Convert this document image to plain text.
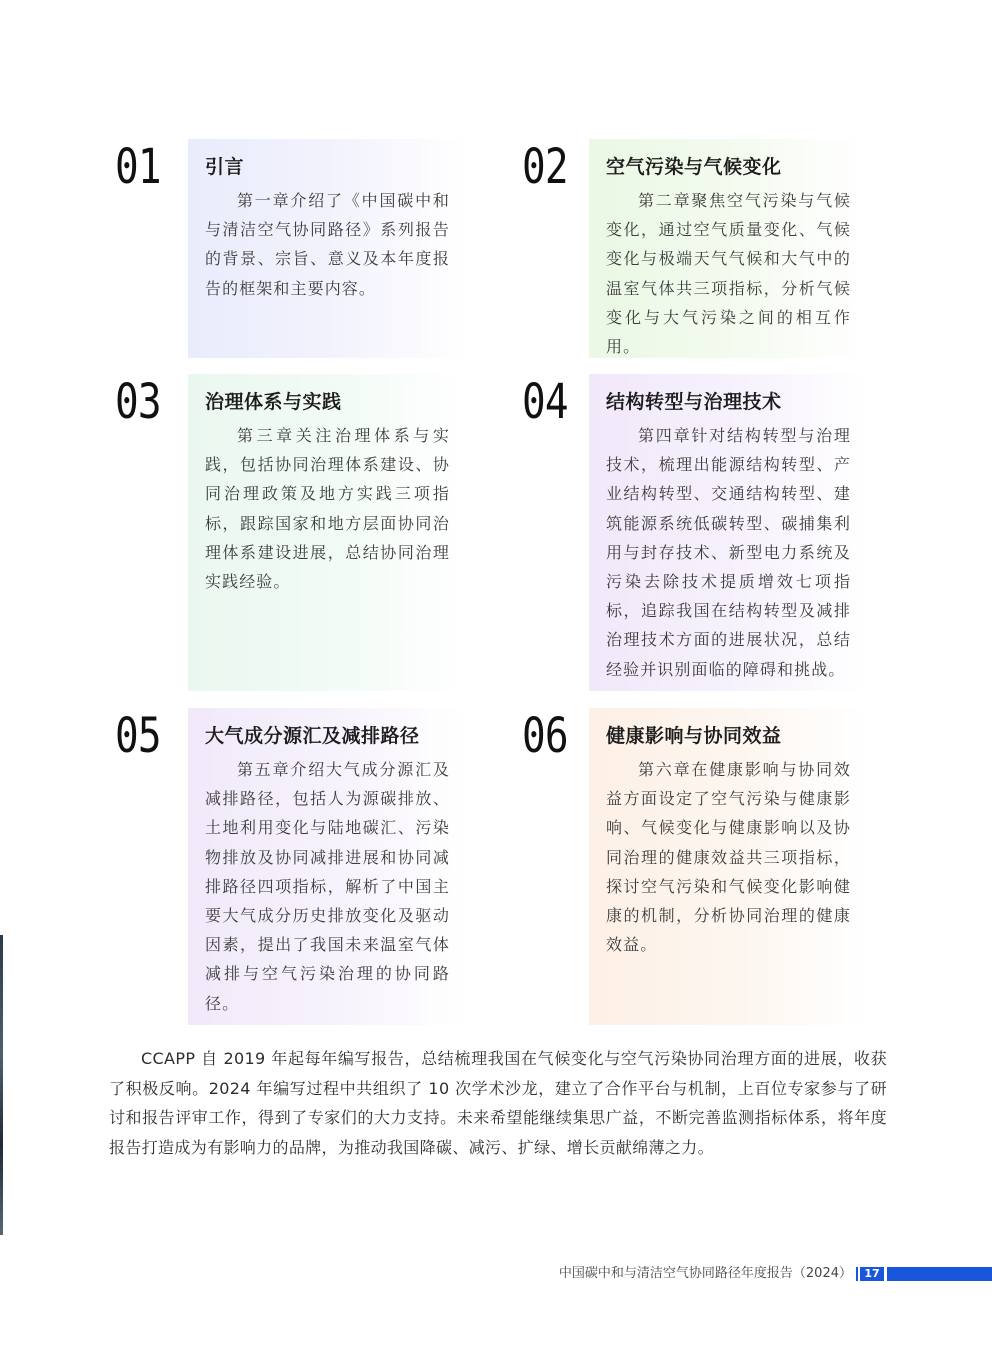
01	引言
第一章介绍了《中国碳中和与清洁空气协同路径》系列报告的背景、宗旨、意义及本年度报告的框架和主要内容。
02	空气污染与气候变化
第二章聚焦空气污染与气候变化，通过空气质量变化、气候变化与极端天气气候和大气中的温室气体共三项指标，分析气候变化与大气污染之间的相互作用。
03	治理体系与实践
第三章关注治理体系与实践，包括协同治理体系建设、协同治理政策及地方实践三项指标，跟踪国家和地方层面协同治理体系建设进展，总结协同治理实践经验。
04	结构转型与治理技术
第四章针对结构转型与治理技术，梳理出能源结构转型、产业结构转型、交通结构转型、建筑能源系统低碳转型、碳捕集利用与封存技术、新型电力系统及污染去除技术提质增效七项指标，追踪我国在结构转型及减排治理技术方面的进展状况，总结经验并识别面临的障碍和挑战。
05	大气成分源汇及减排路径
第五章介绍大气成分源汇及减排路径，包括人为源碳排放、土地利用变化与陆地碳汇、污染物排放及协同减排进展和协同减排路径四项指标，解析了中国主要大气成分历史排放变化及驱动因素，提出了我国未来温室气体减排与空气污染治理的协同路径。
06	健康影响与协同效益
第六章在健康影响与协同效益方面设定了空气污染与健康影响、气候变化与健康影响以及协同治理的健康效益共三项指标，探讨空气污染和气候变化影响健康的机制，分析协同治理的健康效益。
CCAPP 自 2019 年起每年编写报告，总结梳理我国在气候变化与空气污染协同治理方面的进展，收获了积极反响。2024 年编写过程中共组织了 10 次学术沙龙，建立了合作平台与机制，上百位专家参与了研讨和报告评审工作，得到了专家们的大力支持。未来希望能继续集思广益，不断完善监测指标体系，将年度报告打造成为有影响力的品牌，为推动我国降碳、减污、扩绿、增长贡献绵薄之力。
中国碳中和与清洁空气协同路径年度报告（2024）	17
